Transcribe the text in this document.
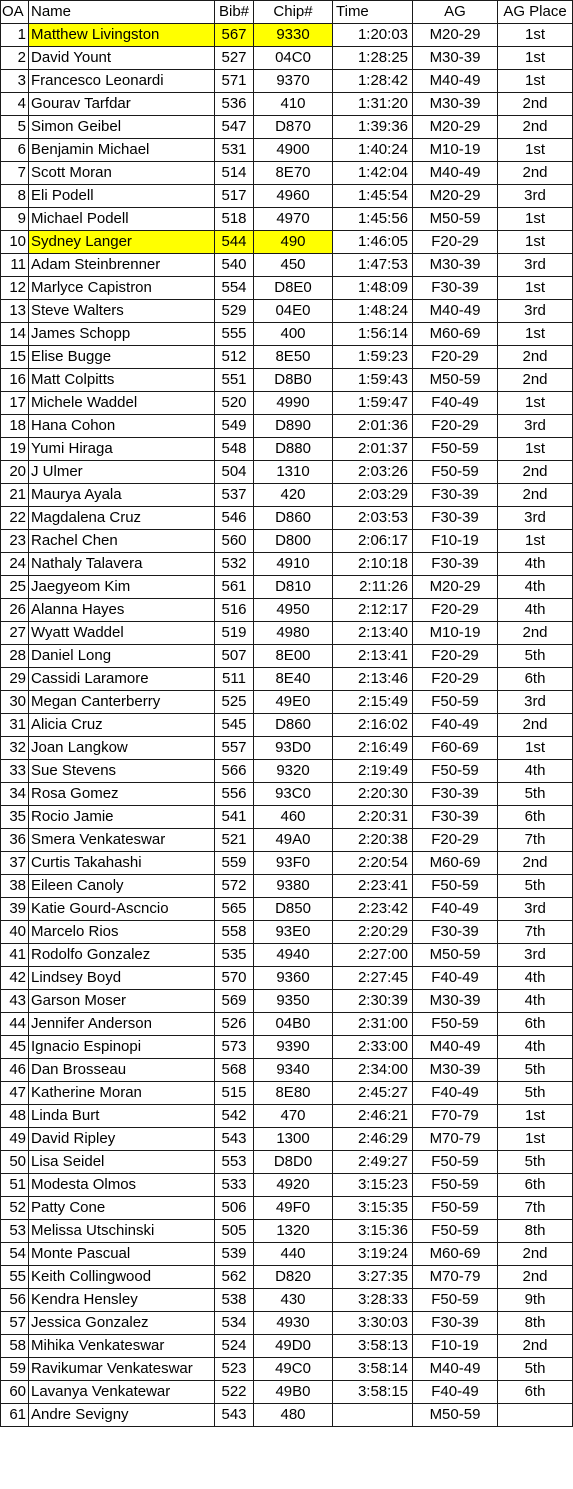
OA	Name	Bib#	Chip#	Time	AG	AG Place
1	Matthew Livingston	567	9330	1:20:03	M20-29	1st
2	David Yount	527	04C0	1:28:25	M30-39	1st
3	Francesco Leonardi	571	9370	1:28:42	M40-49	1st
4	Gourav Tarfdar	536	410	1:31:20	M30-39	2nd
5	Simon Geibel	547	D870	1:39:36	M20-29	2nd
6	Benjamin Michael	531	4900	1:40:24	M10-19	1st
7	Scott Moran	514	8E70	1:42:04	M40-49	2nd
8	Eli Podell	517	4960	1:45:54	M20-29	3rd
9	Michael Podell	518	4970	1:45:56	M50-59	1st
10	Sydney Langer	544	490	1:46:05	F20-29	1st
11	Adam Steinbrenner	540	450	1:47:53	M30-39	3rd
12	Marlyce Capistron	554	D8E0	1:48:09	F30-39	1st
13	Steve Walters	529	04E0	1:48:24	M40-49	3rd
14	James Schopp	555	400	1:56:14	M60-69	1st
15	Elise Bugge	512	8E50	1:59:23	F20-29	2nd
16	Matt Colpitts	551	D8B0	1:59:43	M50-59	2nd
17	Michele Waddel	520	4990	1:59:47	F40-49	1st
18	Hana Cohon	549	D890	2:01:36	F20-29	3rd
19	Yumi Hiraga	548	D880	2:01:37	F50-59	1st
20	J Ulmer	504	1310	2:03:26	F50-59	2nd
21	Maurya Ayala	537	420	2:03:29	F30-39	2nd
22	Magdalena Cruz	546	D860	2:03:53	F30-39	3rd
23	Rachel Chen	560	D800	2:06:17	F10-19	1st
24	Nathaly Talavera	532	4910	2:10:18	F30-39	4th
25	Jaegyeom Kim	561	D810	2:11:26	M20-29	4th
26	Alanna Hayes	516	4950	2:12:17	F20-29	4th
27	Wyatt Waddel	519	4980	2:13:40	M10-19	2nd
28	Daniel Long	507	8E00	2:13:41	F20-29	5th
29	Cassidi Laramore	511	8E40	2:13:46	F20-29	6th
30	Megan Canterberry	525	49E0	2:15:49	F50-59	3rd
31	Alicia Cruz	545	D860	2:16:02	F40-49	2nd
32	Joan Langkow	557	93D0	2:16:49	F60-69	1st
33	Sue Stevens	566	9320	2:19:49	F50-59	4th
34	Rosa Gomez	556	93C0	2:20:30	F30-39	5th
35	Rocio Jamie	541	460	2:20:31	F30-39	6th
36	Smera Venkateswar	521	49A0	2:20:38	F20-29	7th
37	Curtis Takahashi	559	93F0	2:20:54	M60-69	2nd
38	Eileen Canoly	572	9380	2:23:41	F50-59	5th
39	Katie Gourd-Ascncio	565	D850	2:23:42	F40-49	3rd
40	Marcelo Rios	558	93E0	2:20:29	F30-39	7th
41	Rodolfo Gonzalez	535	4940	2:27:00	M50-59	3rd
42	Lindsey Boyd	570	9360	2:27:45	F40-49	4th
43	Garson Moser	569	9350	2:30:39	M30-39	4th
44	Jennifer Anderson	526	04B0	2:31:00	F50-59	6th
45	Ignacio Espinopi	573	9390	2:33:00	M40-49	4th
46	Dan Brosseau	568	9340	2:34:00	M30-39	5th
47	Katherine Moran	515	8E80	2:45:27	F40-49	5th
48	Linda Burt	542	470	2:46:21	F70-79	1st
49	David Ripley	543	1300	2:46:29	M70-79	1st
50	Lisa Seidel	553	D8D0	2:49:27	F50-59	5th
51	Modesta Olmos	533	4920	3:15:23	F50-59	6th
52	Patty Cone	506	49F0	3:15:35	F50-59	7th
53	Melissa Utschinski	505	1320	3:15:36	F50-59	8th
54	Monte Pascual	539	440	3:19:24	M60-69	2nd
55	Keith Collingwood	562	D820	3:27:35	M70-79	2nd
56	Kendra Hensley	538	430	3:28:33	F50-59	9th
57	Jessica Gonzalez	534	4930	3:30:03	F30-39	8th
58	Mihika Venkateswar	524	49D0	3:58:13	F10-19	2nd
59	Ravikumar Venkateswar	523	49C0	3:58:14	M40-49	5th
60	Lavanya Venkatewar	522	49B0	3:58:15	F40-49	6th
61	Andre Sevigny	543	480		M50-59	
